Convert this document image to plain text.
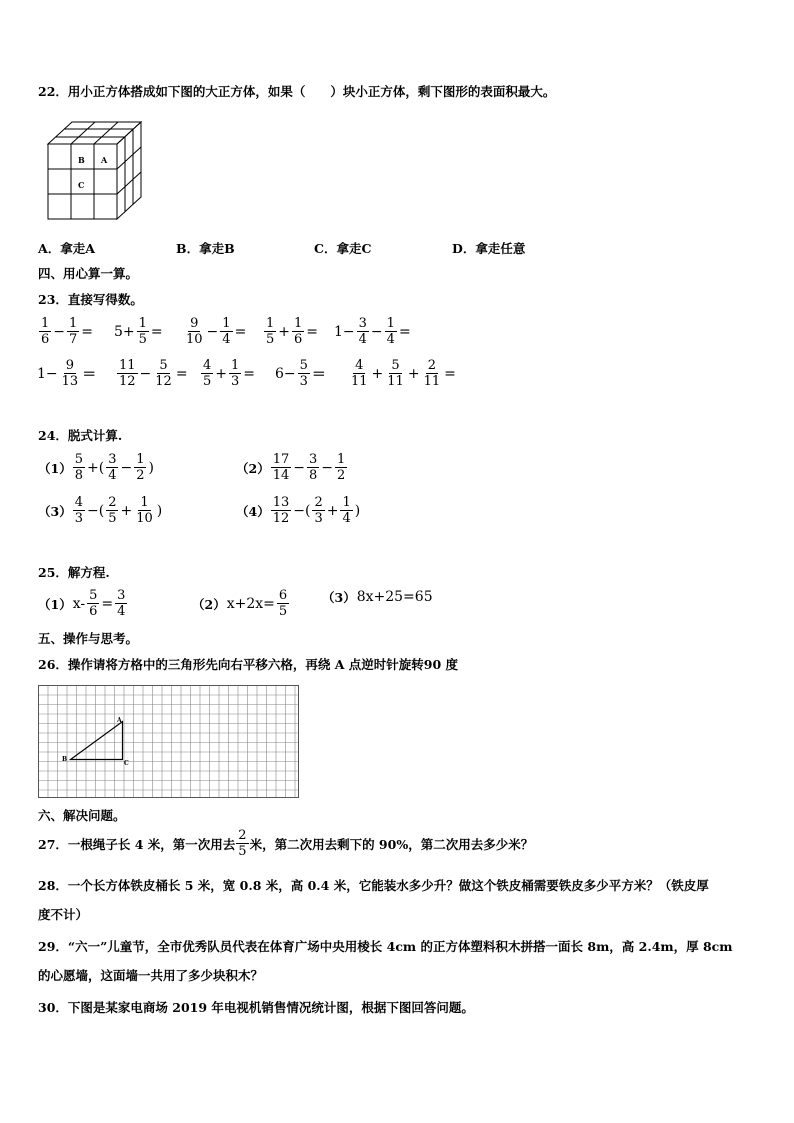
22．用小正方体搭成如下图的大正方体，如果（　　）块小正方体，剩下图形的表面积最大。
B A
C
A．拿走A	B．拿走B	C．拿走C	D．拿走任意
四、用心算一算。
23．直接写得数。
$\frac{1}{6} - \frac{1}{7} = 5+ \frac{1}{5} = \frac{9}{10} - \frac{1}{4} = \frac{1}{5} + \frac{1}{6} = 1- \frac{3}{4} - \frac{1}{4}$ =
$1- \frac{9}{13} = \frac{11}{12} - \frac{5}{12} = \frac{4}{5} + \frac{1}{3} = 6- \frac{5}{3} = \frac{4}{11} + \frac{5}{11} + \frac{2}{11}$ =
24．脱式计算.
$(1) \frac{5}{8}$ +( $\frac{3}{4} - \frac{1}{2}$ )	$(2) \frac{17}{14} - \frac{3}{8} - \frac{1}{2}$
$(3) \frac{4}{3}$ −( $\frac{2}{5} + \frac{1}{10}$ )	$(4) \frac{13}{12}$ −( $\frac{2}{3} + \frac{1}{4}$ )
25．解方程.
（1） $x- \frac{5}{6} = \frac{3}{4}$	（2） $x+2x= \frac{6}{5}$	（3） 8x+25=65
五、操作与思考。
26．操作请将方格中的三角形先向右平移六格，再绕 A 点逆时针旋转90 度
A
B
C
六、解决问题。
27．一根绳子长 4 米，第一次用去 $\frac{2}{5}$ 米，第二次用去剩下的 90%，第二次用去多少米？
28．一个长方体铁皮桶长 5 米，宽 0.8 米，高 0.4 米，它能装水多少升？做这个铁皮桶需要铁皮多少平方米？（铁皮厚
度不计）
29．“六一”儿童节，全市优秀队员代表在体育广场中央用棱长 4cm 的正方体塑料积木拼搭一面长 8m，高 2.4m，厚 8cm
的心愿墙，这面墙一共用了多少块积木？
30．下图是某家电商场 2019 年电视机销售情况统计图，根据下图回答问题。
